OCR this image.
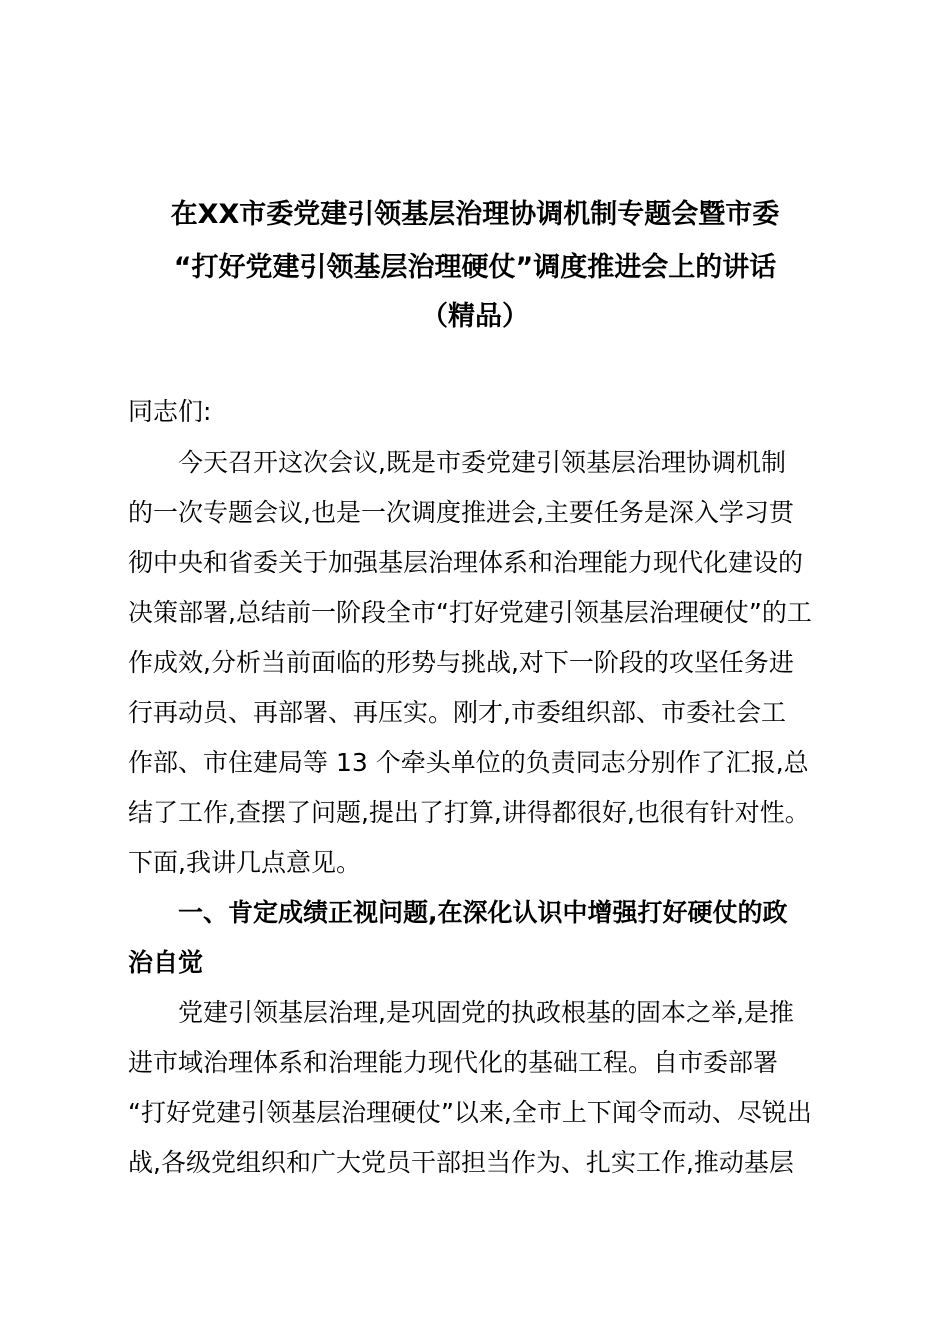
在XX市委党建引领基层治理协调机制专题会暨市委
“打好党建引领基层治理硬仗”调度推进会上的讲话
（精品）
同志们:
今天召开这次会议,既是市委党建引领基层治理协调机制
的一次专题会议,也是一次调度推进会,主要任务是深入学习贯
彻中央和省委关于加强基层治理体系和治理能力现代化建设的
决策部署,总结前一阶段全市“打好党建引领基层治理硬仗”的工
作成效,分析当前面临的形势与挑战,对下一阶段的攻坚任务进
行再动员、再部署、再压实。刚才,市委组织部、市委社会工
作部、市住建局等 13 个牵头单位的负责同志分别作了汇报,总
结了工作,查摆了问题,提出了打算,讲得都很好,也很有针对性。
下面,我讲几点意见。
一、肯定成绩正视问题,在深化认识中增强打好硬仗的政
治自觉
党建引领基层治理,是巩固党的执政根基的固本之举,是推
进市域治理体系和治理能力现代化的基础工程。自市委部署
“打好党建引领基层治理硬仗”以来,全市上下闻令而动、尽锐出
战,各级党组织和广大党员干部担当作为、扎实工作,推动基层
